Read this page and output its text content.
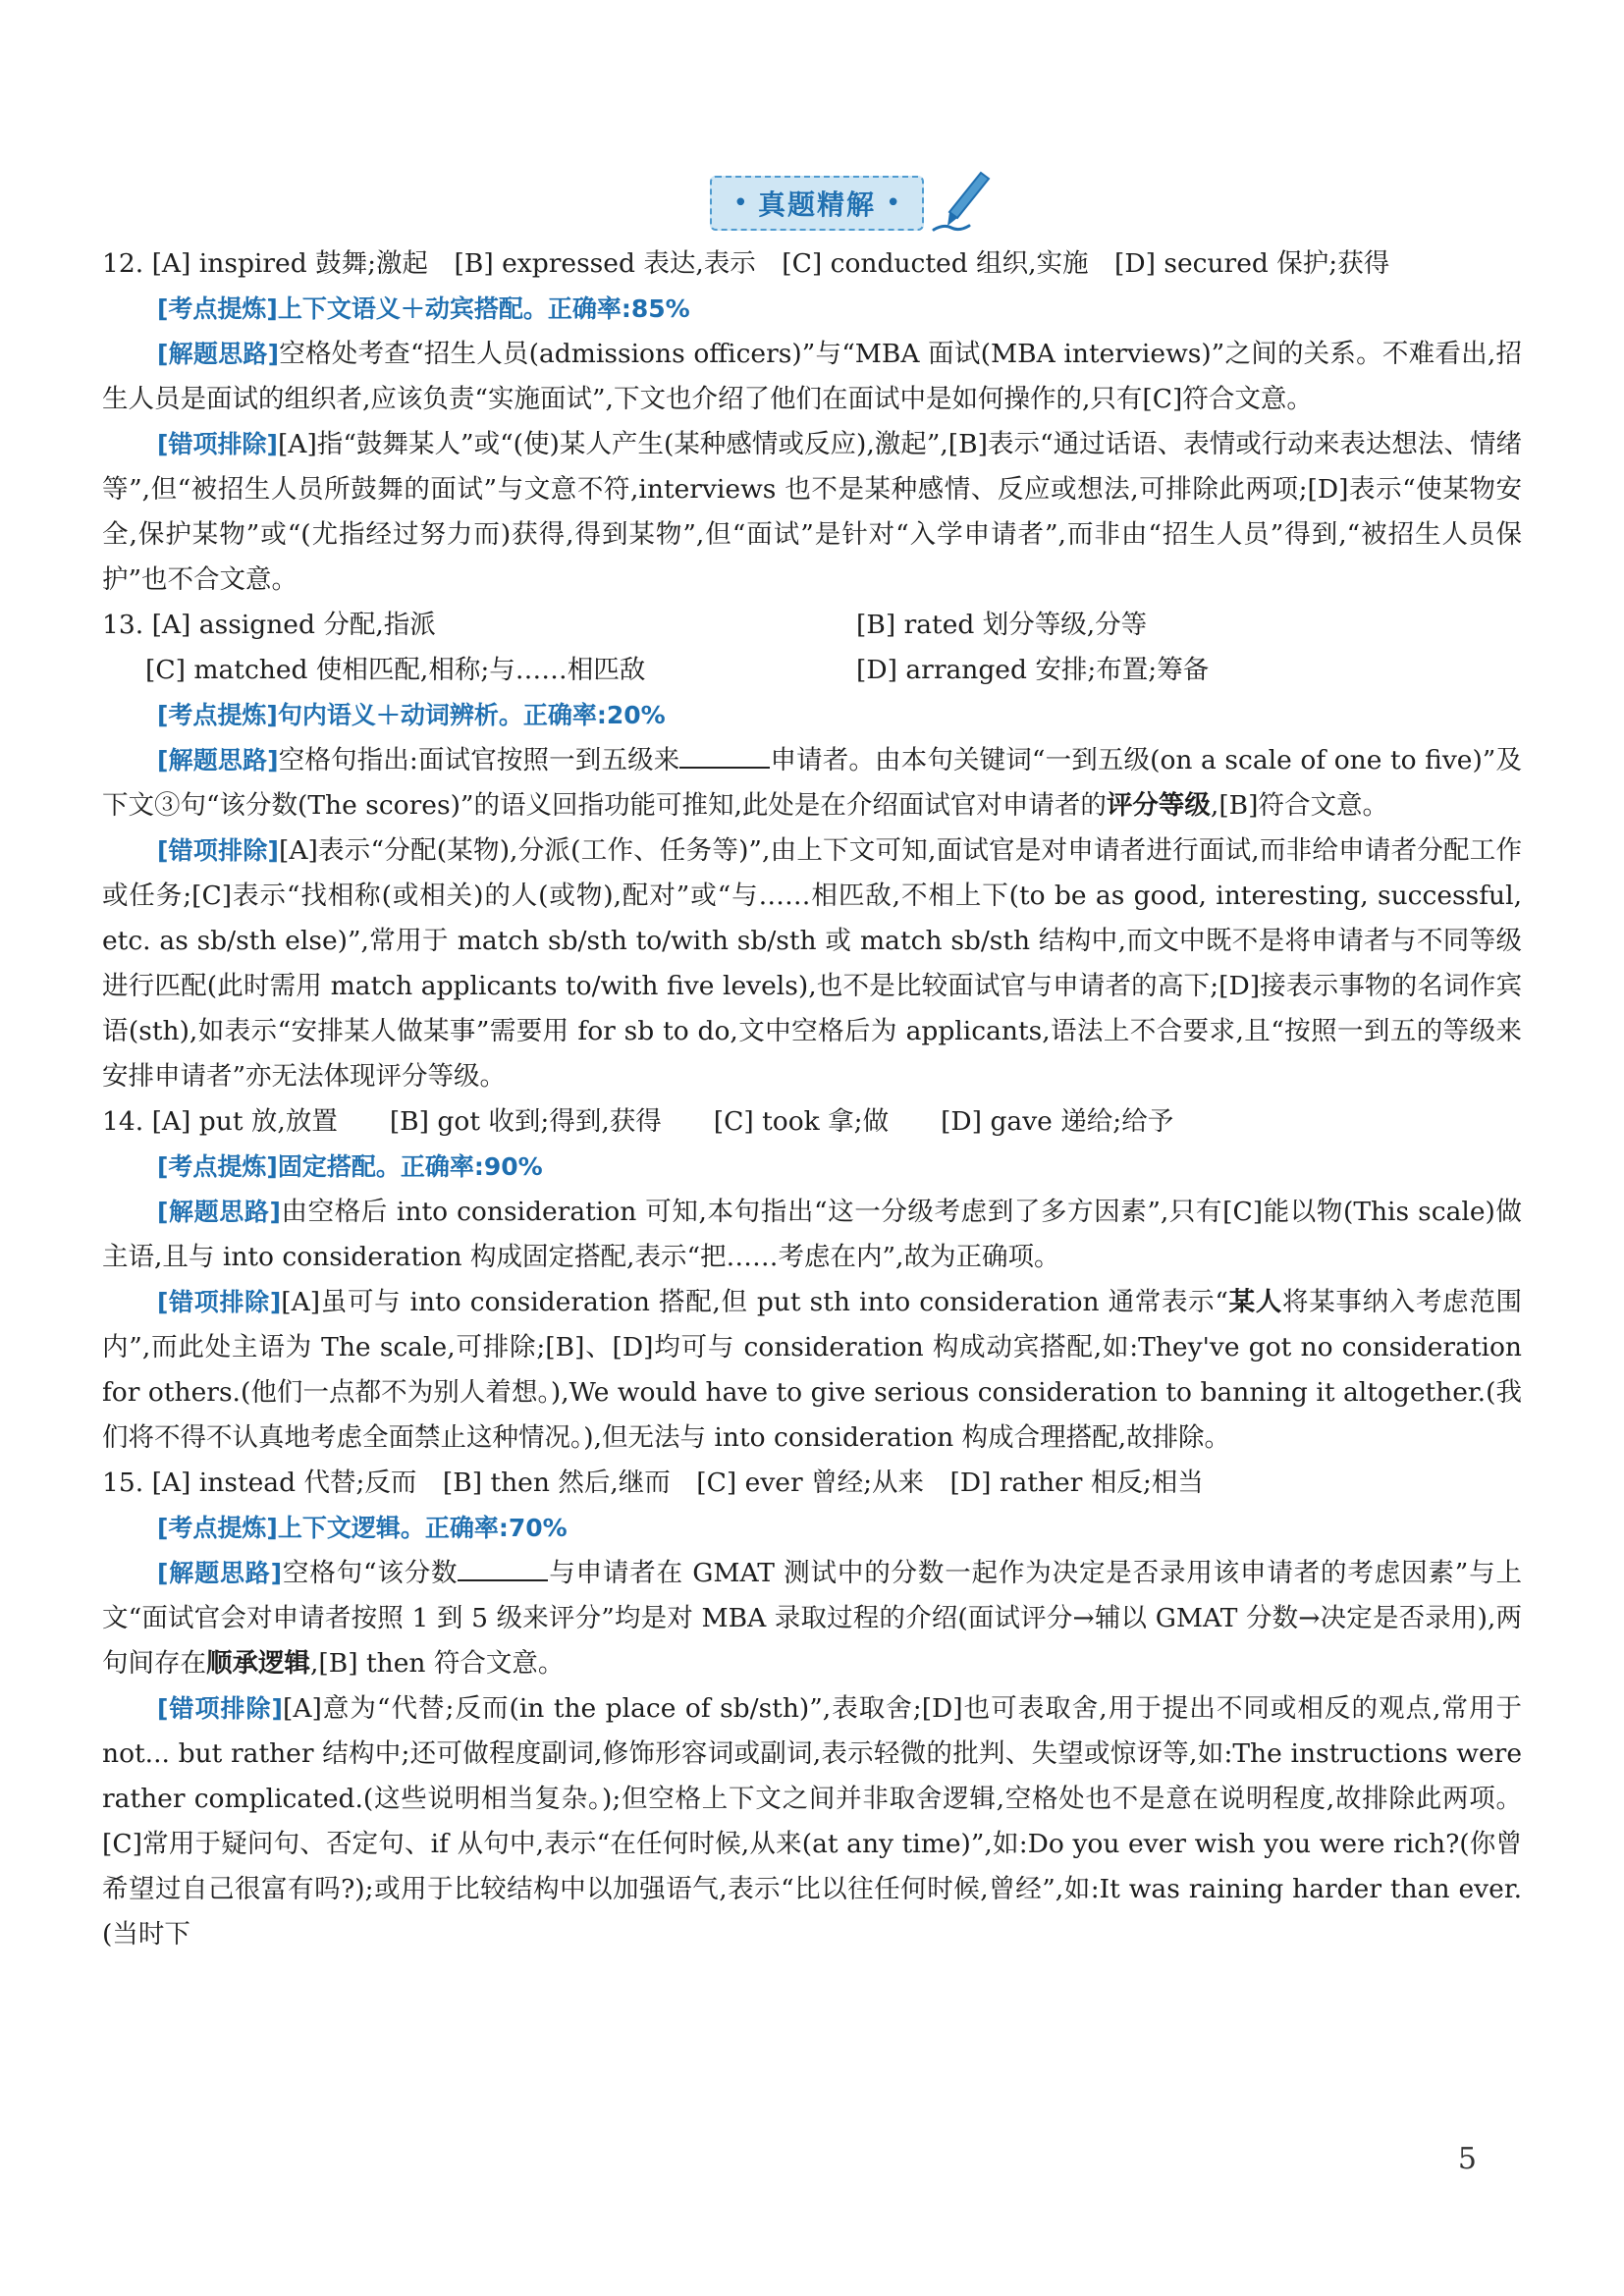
• 真题精解 •

12. [A] inspired 鼓舞;激起　[B] expressed 表达,表示　[C] conducted 组织,实施　[D] secured 保护;获得

[考点提炼]上下文语义＋动宾搭配。正确率:85%

[解题思路]空格处考查“招生人员(admissions officers)”与“MBA 面试(MBA interviews)”之间的关系。不难看出,招生人员是面试的组织者,应该负责“实施面试”,下文也介绍了他们在面试中是如何操作的,只有[C]符合文意。

[错项排除][A]指“鼓舞某人”或“(使)某人产生(某种感情或反应),激起”,[B]表示“通过话语、表情或行动来表达想法、情绪等”,但“被招生人员所鼓舞的面试”与文意不符,interviews 也不是某种感情、反应或想法,可排除此两项;[D]表示“使某物安全,保护某物”或“(尤指经过努力而)获得,得到某物”,但“面试”是针对“入学申请者”,而非由“招生人员”得到,“被招生人员保护”也不合文意。

13. [A] assigned 分配,指派	[B] rated 划分等级,分等
[C] matched 使相匹配,相称;与……相匹敌	[D] arranged 安排;布置;筹备

[考点提炼]句内语义＋动词辨析。正确率:20%

[解题思路]空格句指出:面试官按照一到五级来	申请者。由本句关键词“一到五级(on a scale of one to five)”及下文③句“该分数(The scores)”的语义回指功能可推知,此处是在介绍面试官对申请者的评分等级,[B]符合文意。

[错项排除][A]表示“分配(某物),分派(工作、任务等)”,由上下文可知,面试官是对申请者进行面试,而非给申请者分配工作或任务;[C]表示“找相称(或相关)的人(或物),配对”或“与……相匹敌,不相上下(to be as good, interesting, successful, etc. as sb/sth else)”,常用于 match sb/sth to/with sb/sth 或 match sb/sth 结构中,而文中既不是将申请者与不同等级进行匹配(此时需用 match applicants to/with five levels),也不是比较面试官与申请者的高下;[D]接表示事物的名词作宾语(sth),如表示“安排某人做某事”需要用 for sb to do,文中空格后为 applicants,语法上不合要求,且“按照一到五的等级来安排申请者”亦无法体现评分等级。

14. [A] put 放,放置　　[B] got 收到;得到,获得　　[C] took 拿;做　　[D] gave 递给;给予

[考点提炼]固定搭配。正确率:90%

[解题思路]由空格后 into consideration 可知,本句指出“这一分级考虑到了多方因素”,只有[C]能以物(This scale)做主语,且与 into consideration 构成固定搭配,表示“把……考虑在内”,故为正确项。

[错项排除][A]虽可与 into consideration 搭配,但 put sth into consideration 通常表示“某人将某事纳入考虑范围内”,而此处主语为 The scale,可排除;[B]、[D]均可与 consideration 构成动宾搭配,如:They've got no consideration for others.(他们一点都不为别人着想。),We would have to give serious consideration to banning it altogether.(我们将不得不认真地考虑全面禁止这种情况。),但无法与 into consideration 构成合理搭配,故排除。

15. [A] instead 代替;反而　[B] then 然后,继而　[C] ever 曾经;从来　[D] rather 相反;相当

[考点提炼]上下文逻辑。正确率:70%

[解题思路]空格句“该分数	与申请者在 GMAT 测试中的分数一起作为决定是否录用该申请者的考虑因素”与上文“面试官会对申请者按照 1 到 5 级来评分”均是对 MBA 录取过程的介绍(面试评分→辅以 GMAT 分数→决定是否录用),两句间存在顺承逻辑,[B] then 符合文意。

[错项排除][A]意为“代替;反而(in the place of sb/sth)”,表取舍;[D]也可表取舍,用于提出不同或相反的观点,常用于 not... but rather 结构中;还可做程度副词,修饰形容词或副词,表示轻微的批判、失望或惊讶等,如:The instructions were rather complicated.(这些说明相当复杂。);但空格上下文之间并非取舍逻辑,空格处也不是意在说明程度,故排除此两项。[C]常用于疑问句、否定句、if 从句中,表示“在任何时候,从来(at any time)”,如:Do you ever wish you were rich?(你曾希望过自己很富有吗?);或用于比较结构中以加强语气,表示“比以往任何时候,曾经”,如:It was raining harder than ever.(当时下

5
